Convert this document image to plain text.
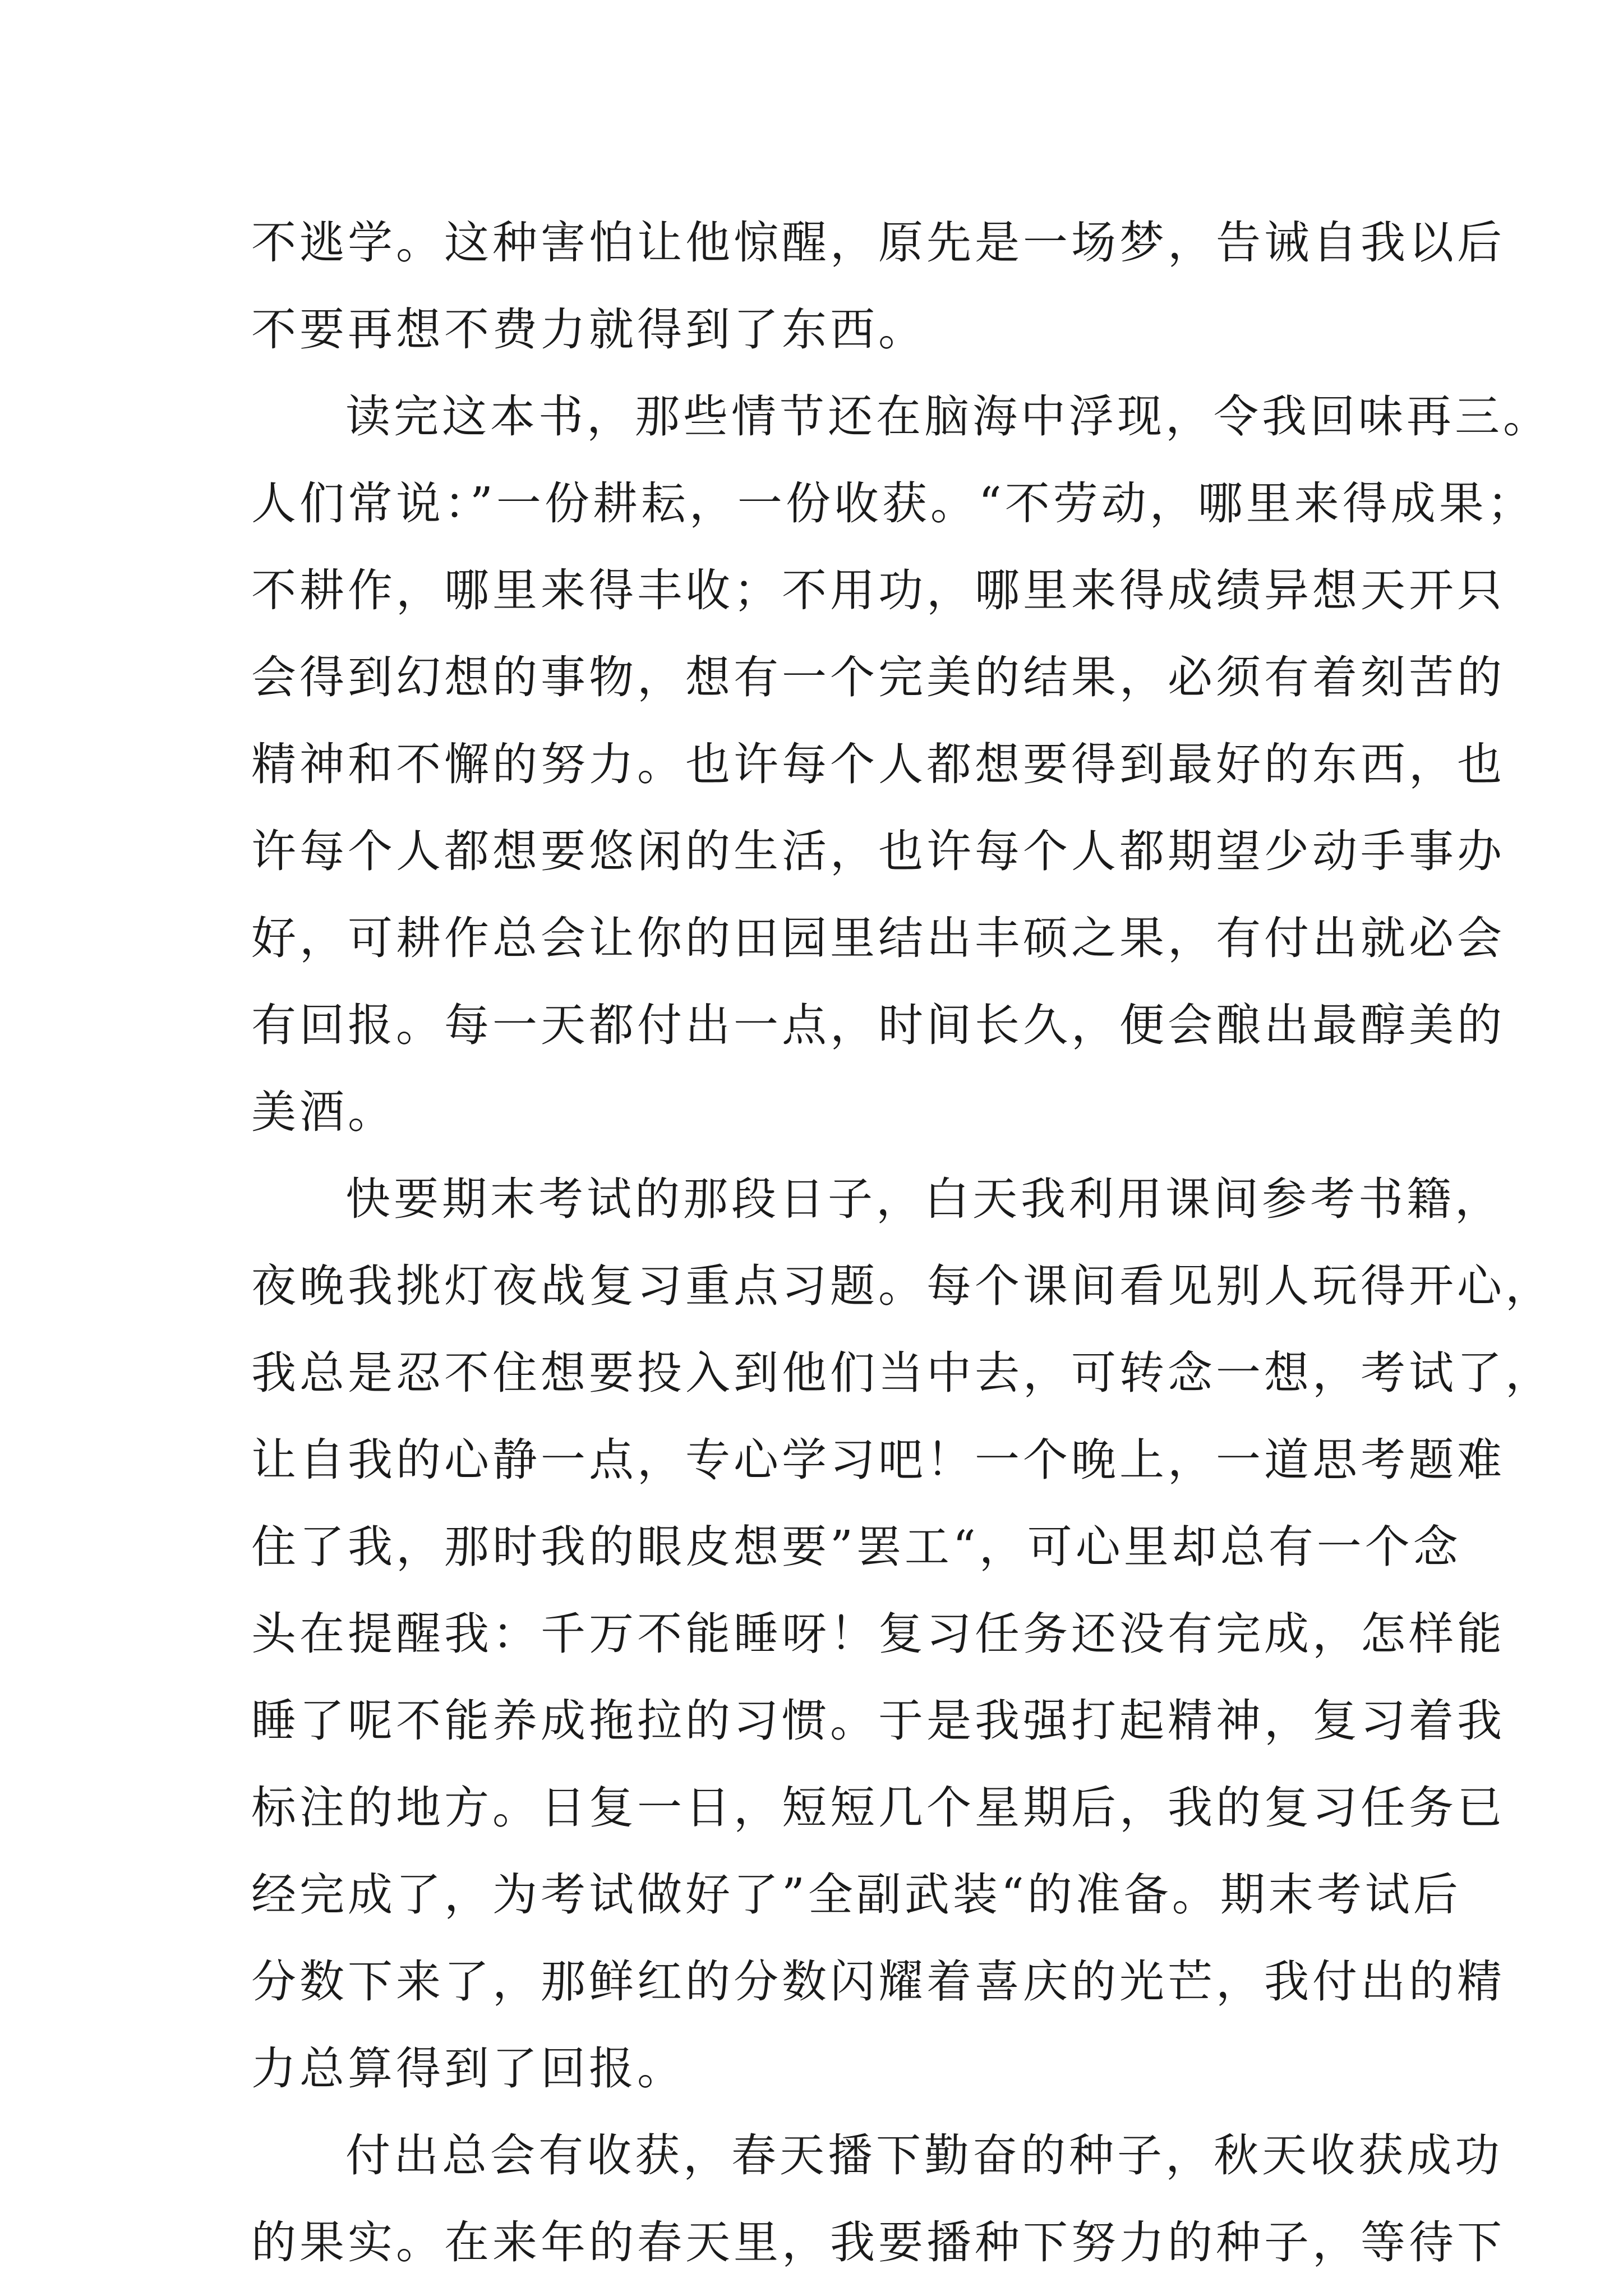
不逃学。这种害怕让他惊醒，原先是一场梦，告诫自我以后
不要再想不费力就得到了东西。
读完这本书，那些情节还在脑海中浮现，令我回味再三。
人们常说：”一份耕耘，一份收获。“不劳动，哪里来得成果；
不耕作，哪里来得丰收；不用功，哪里来得成绩异想天开只
会得到幻想的事物，想有一个完美的结果，必须有着刻苦的
精神和不懈的努力。也许每个人都想要得到最好的东西，也
许每个人都想要悠闲的生活，也许每个人都期望少动手事办
好，可耕作总会让你的田园里结出丰硕之果，有付出就必会
有回报。每一天都付出一点，时间长久，便会酿出最醇美的
美酒。
快要期末考试的那段日子，白天我利用课间参考书籍，
夜晚我挑灯夜战复习重点习题。每个课间看见别人玩得开心，
我总是忍不住想要投入到他们当中去，可转念一想，考试了，
让自我的心静一点，专心学习吧！一个晚上，一道思考题难
住了我，那时我的眼皮想要”罢工“，可心里却总有一个念
头在提醒我：千万不能睡呀！复习任务还没有完成，怎样能
睡了呢不能养成拖拉的习惯。于是我强打起精神，复习着我
标注的地方。日复一日，短短几个星期后，我的复习任务已
经完成了，为考试做好了”全副武装“的准备。期末考试后
分数下来了，那鲜红的分数闪耀着喜庆的光芒，我付出的精
力总算得到了回报。
付出总会有收获，春天播下勤奋的种子，秋天收获成功
的果实。在来年的春天里，我要播种下努力的种子，等待下
